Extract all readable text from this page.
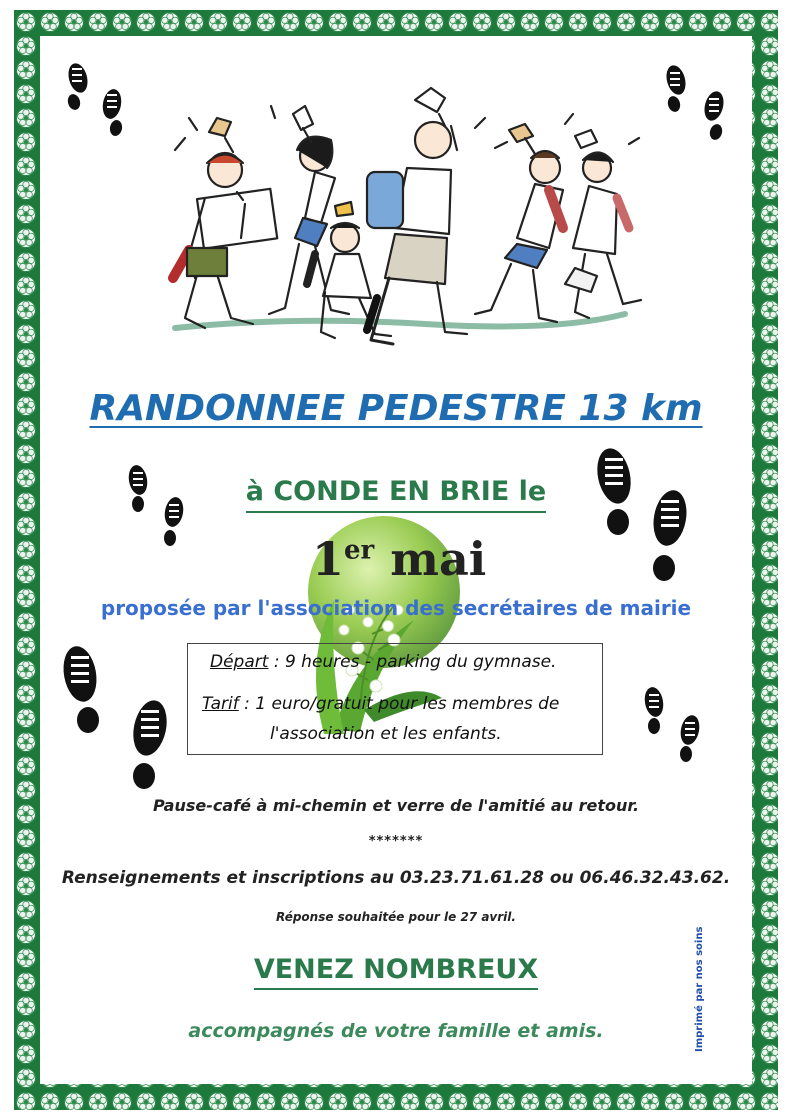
RANDONNEE PEDESTRE 13 km
à CONDE EN BRIE le
1er mai
proposée par l'association des secrétaires de mairie
Départ : 9 heures - parking du gymnase.
Tarif : 1 euro/gratuit pour les membres de
l'association et les enfants.
Pause-café à mi-chemin et verre de l'amitié au retour.
*******
Renseignements et inscriptions au 03.23.71.61.28 ou 06.46.32.43.62.
Réponse souhaitée pour le 27 avril.
VENEZ NOMBREUX
accompagnés de votre famille et amis.	Imprimé par nos soins
